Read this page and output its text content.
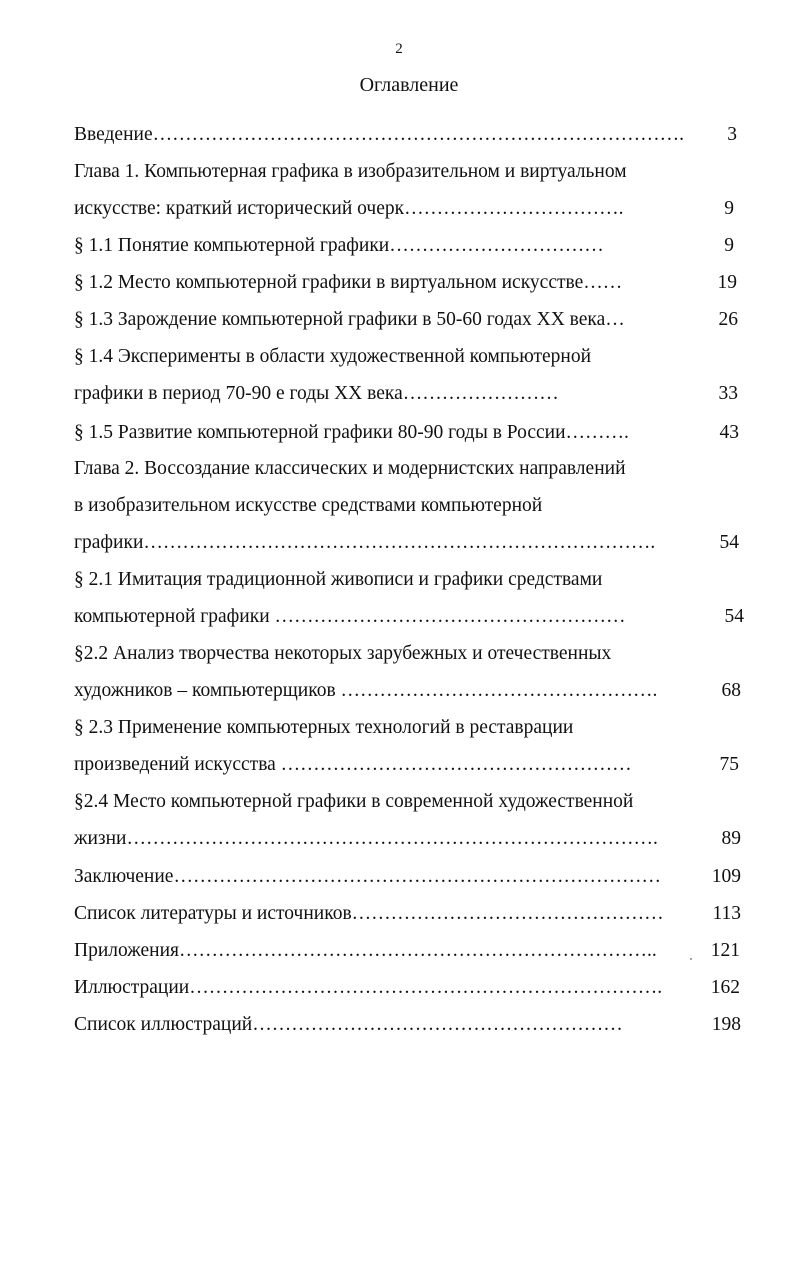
2
Оглавление
Введение……………………………………………………………………….	3
Глава 1. Компьютерная графика в изобразительном и виртуальном
искусстве: краткий исторический очерк…………………………….	9
§ 1.1 Понятие компьютерной графики……………………………	9
§ 1.2 Место компьютерной графики в виртуальном искусстве……	19
§ 1.3 Зарождение компьютерной графики в 50-60 годах XX века…	26
§ 1.4 Эксперименты в области художественной компьютерной
графики в период 70-90 е годы XX века……………………	33
§ 1.5 Развитие компьютерной графики 80-90 годы в России……….	43
Глава 2. Воссоздание классических и модернистских направлений
в изобразительном искусстве средствами компьютерной
графики…………………………………………………………………….	54
§ 2.1 Имитация традиционной живописи и графики средствами
компьютерной графики ………………………………………………	54
§2.2 Анализ творчества некоторых зарубежных и отечественных
художников – компьютерщиков ………………………………………….	68
§ 2.3 Применение компьютерных технологий в реставрации
произведений искусства ………………………………………………	75
§2.4 Место компьютерной графики в современной художественной
жизни……………………………………………………………………….	89
Заключение…………………………………………………………………	109
Список литературы и источников…………………………………………	113
Приложения………………………………………………………………..	121
Иллюстрации……………………………………………………………….	162
Список иллюстраций…………………………………………………	198
